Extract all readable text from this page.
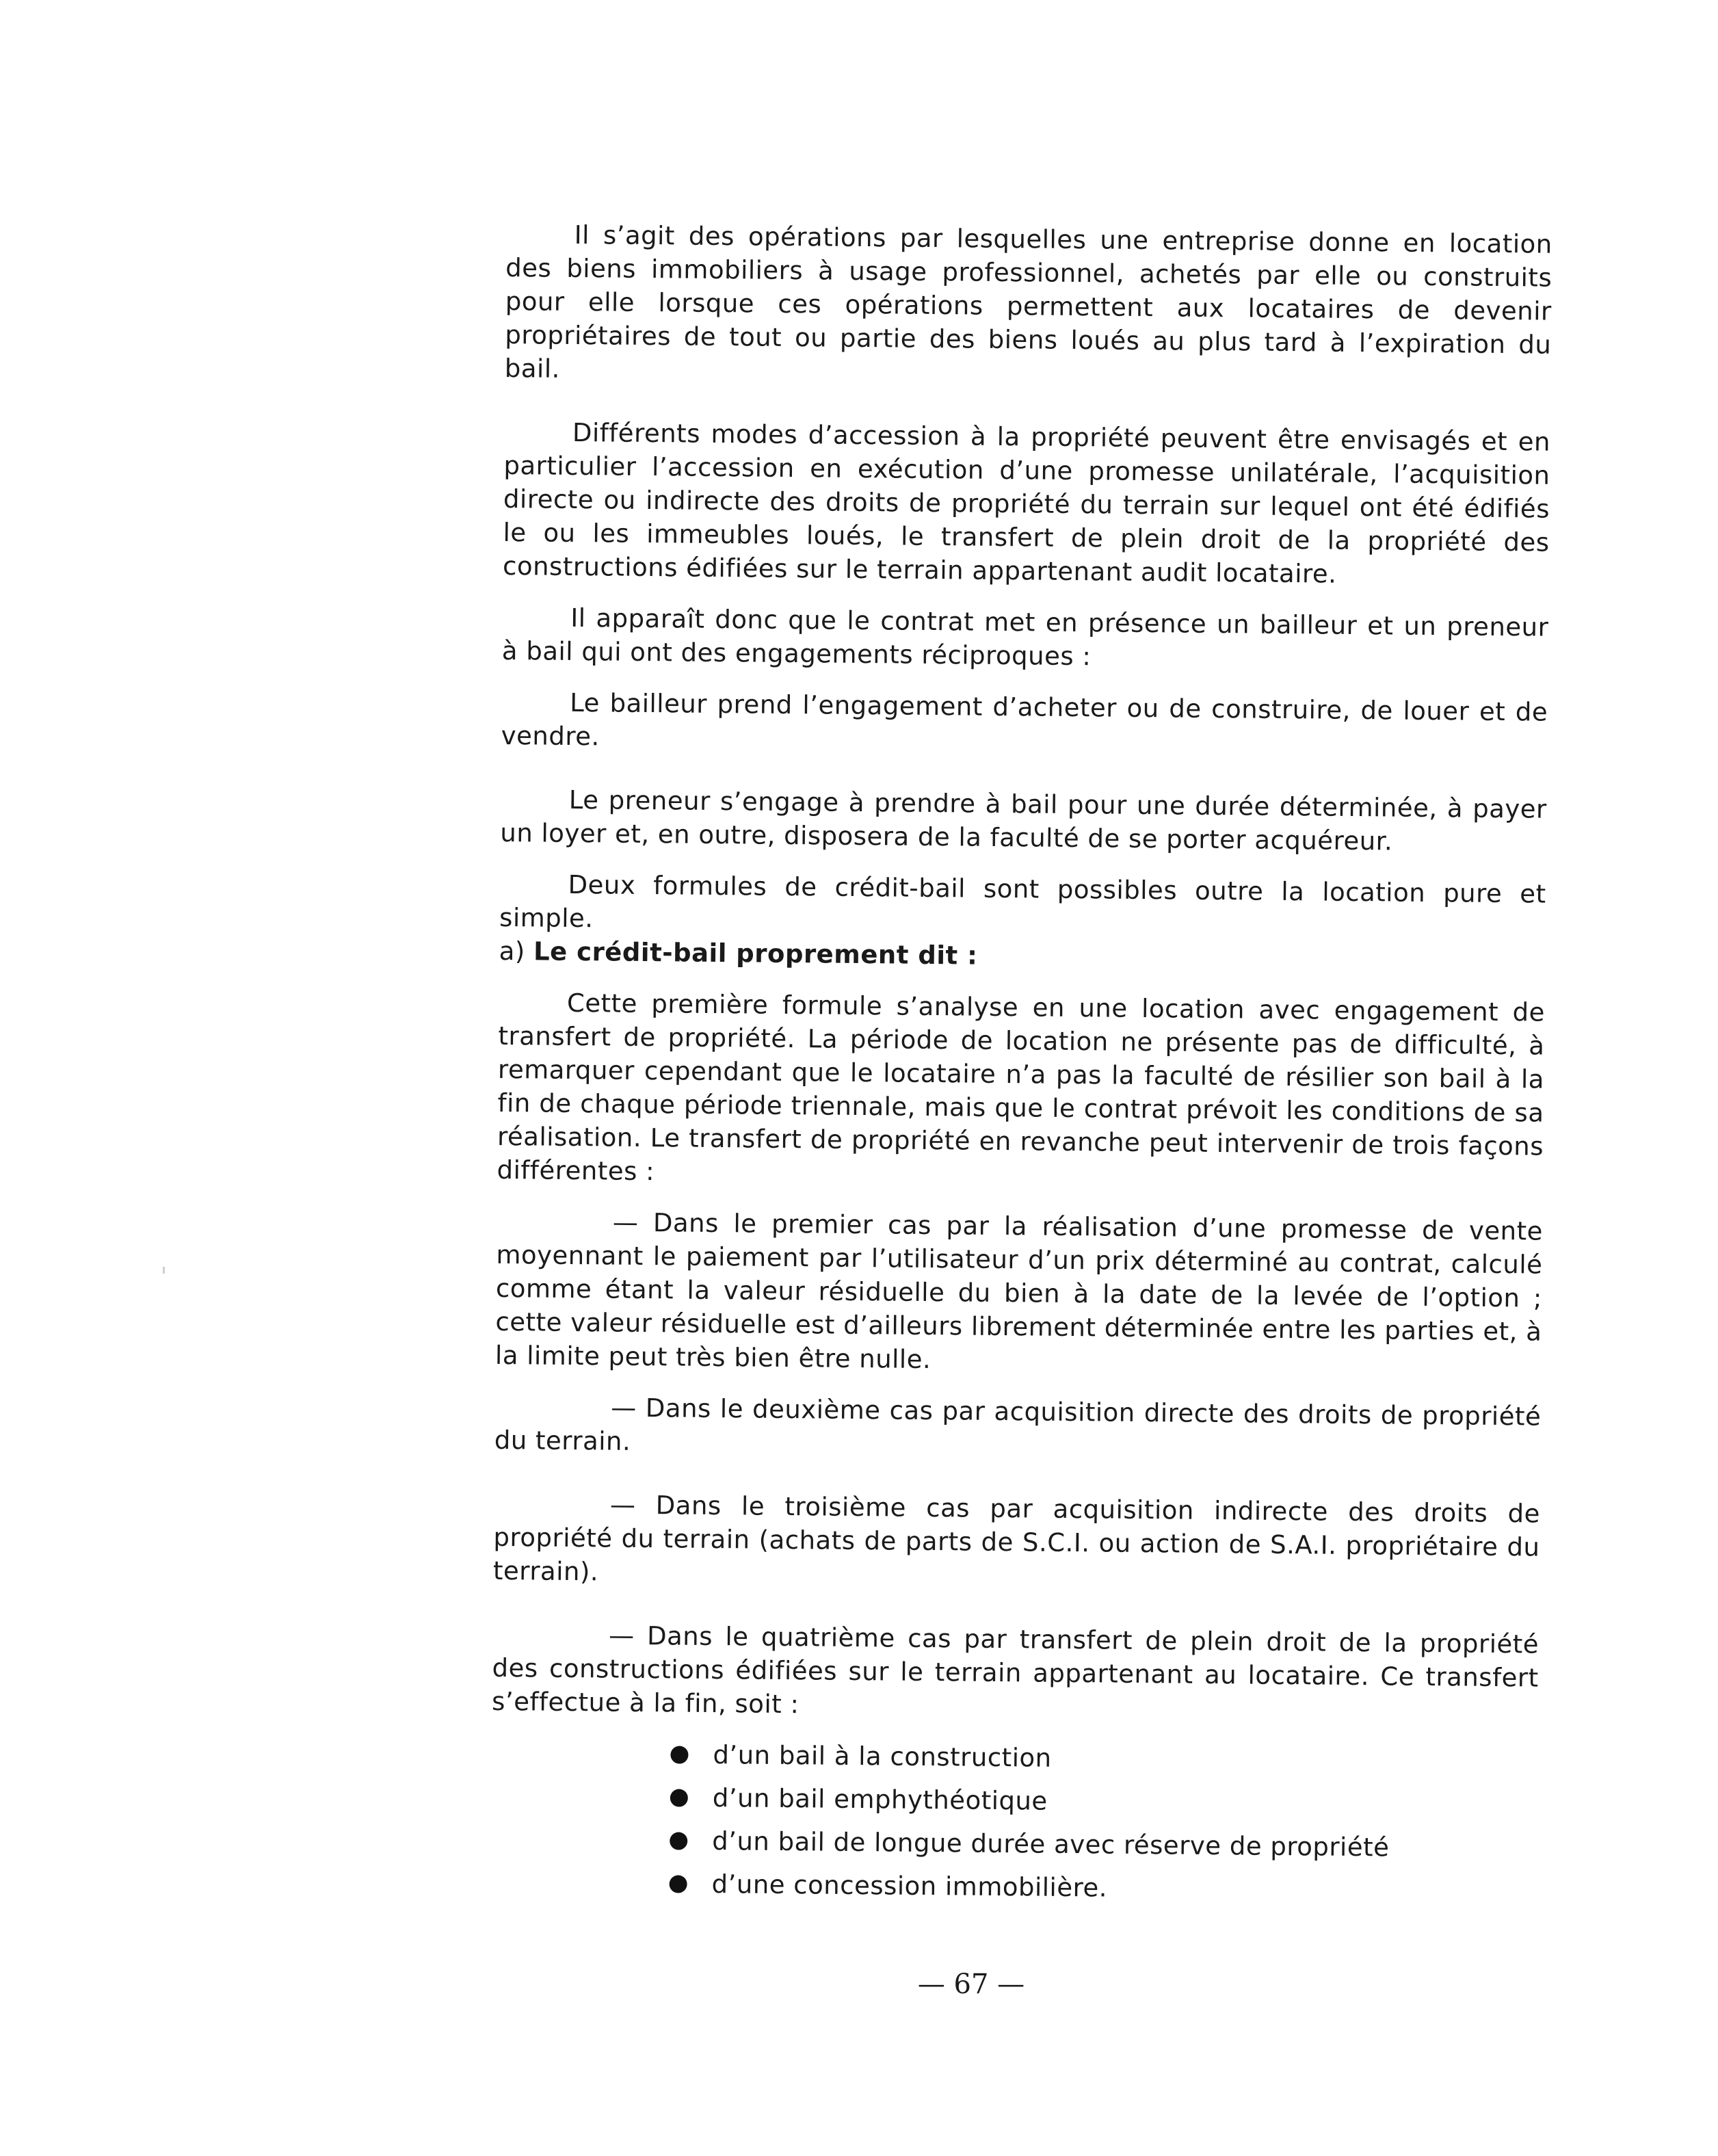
Il s’agit des opérations par lesquelles une entreprise donne en location des biens immobiliers à usage professionnel, achetés par elle ou construits pour elle lorsque ces opérations permettent aux locataires de devenir propriétaires de tout ou partie des biens loués au plus tard à l’expiration du bail.

Différents modes d’accession à la propriété peuvent être envisagés et en particulier l’accession en exécution d’une promesse unilatérale, l’acquisition directe ou indirecte des droits de propriété du terrain sur lequel ont été édifiés le ou les immeubles loués, le transfert de plein droit de la propriété des constructions édifiées sur le terrain appartenant audit locataire.

Il apparaît donc que le contrat met en présence un bailleur et un preneur à bail qui ont des engagements réciproques :

Le bailleur prend l’engagement d’acheter ou de construire, de louer et de vendre.

Le preneur s’engage à prendre à bail pour une durée déterminée, à payer un loyer et, en outre, disposera de la faculté de se porter acquéreur.

Deux formules de crédit-bail sont possibles outre la location pure et simple.

a) Le crédit-bail proprement dit :

Cette première formule s’analyse en une location avec engagement de transfert de propriété. La période de location ne présente pas de difficulté, à remarquer cependant que le locataire n’a pas la faculté de résilier son bail à la fin de chaque période triennale, mais que le contrat prévoit les conditions de sa réalisation. Le transfert de propriété en revanche peut intervenir de trois façons différentes :

— Dans le premier cas par la réalisation d’une promesse de vente moyennant le paiement par l’utilisateur d’un prix déterminé au contrat, calculé comme étant la valeur résiduelle du bien à la date de la levée de l’option ; cette valeur résiduelle est d’ailleurs librement déterminée entre les parties et, à la limite peut très bien être nulle.

— Dans le deuxième cas par acquisition directe des droits de propriété du terrain.

— Dans le troisième cas par acquisition indirecte des droits de propriété du terrain (achats de parts de S.C.I. ou action de S.A.I. propriétaire du terrain).

— Dans le quatrième cas par transfert de plein droit de la propriété des constructions édifiées sur le terrain appartenant au locataire. Ce transfert s’effectue à la fin, soit :

d’un bail à la construction
d’un bail emphythéotique
d’un bail de longue durée avec réserve de propriété
d’une concession immobilière.
— 67 —
